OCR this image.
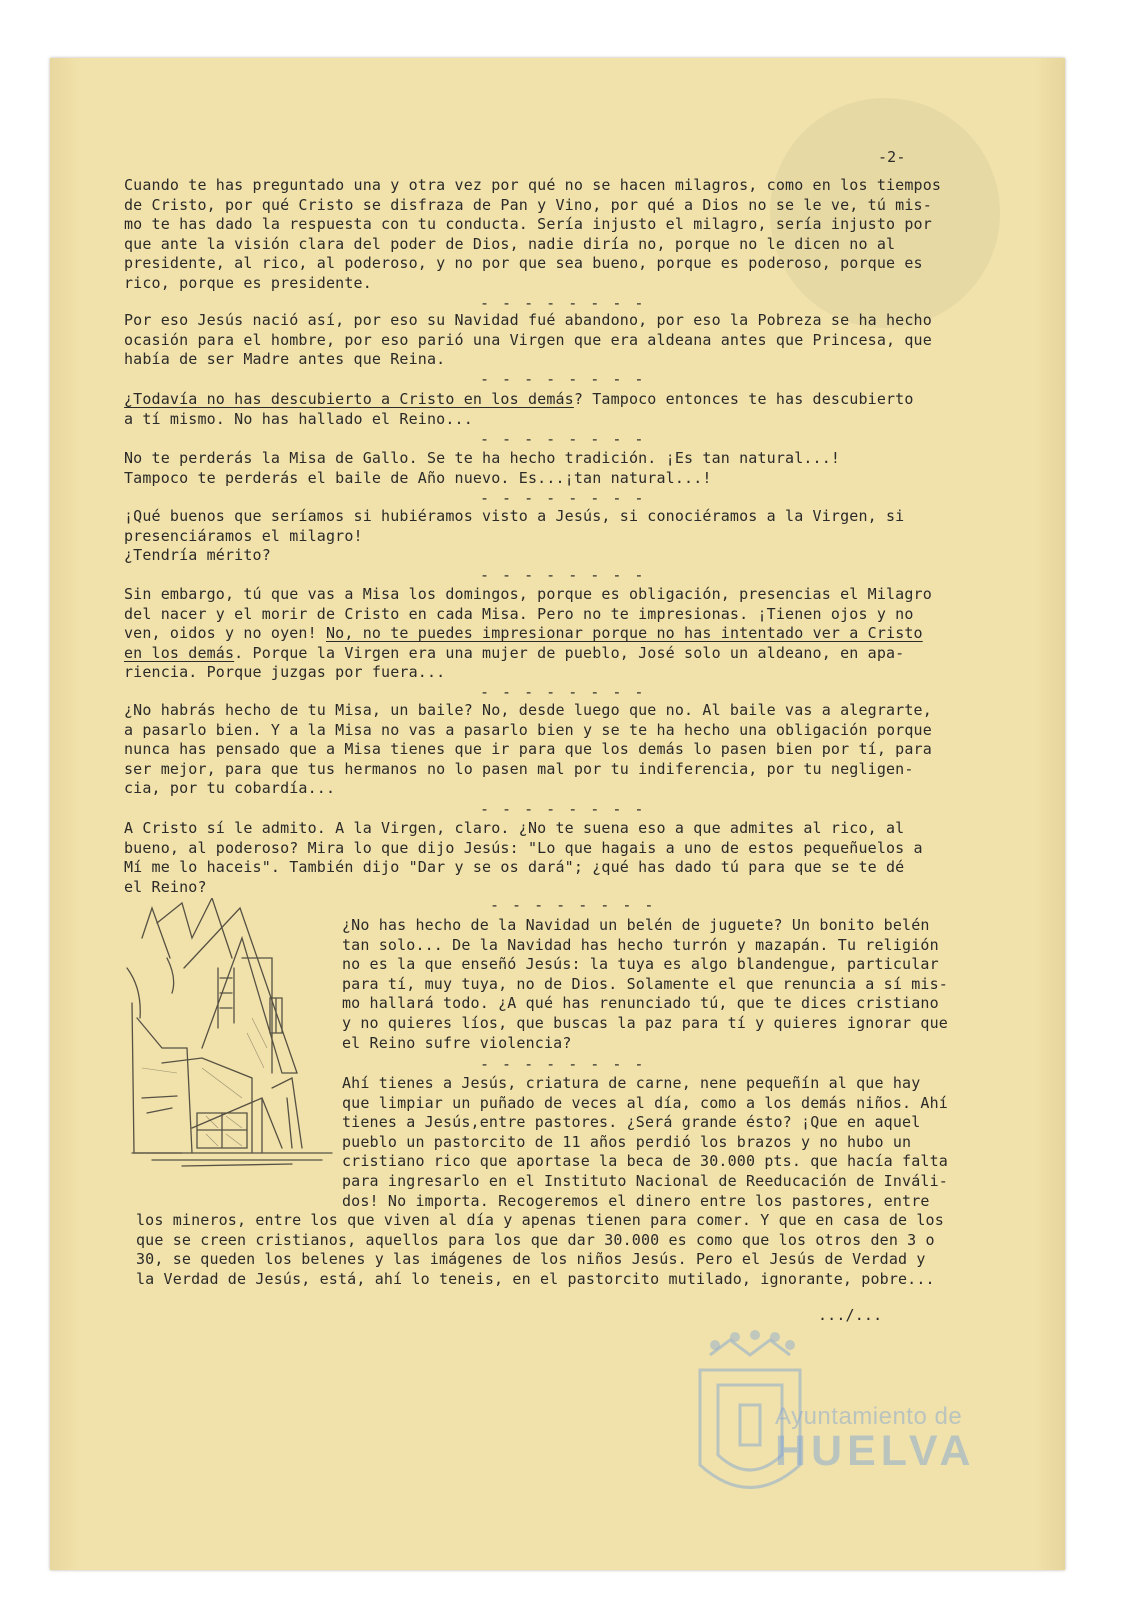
-2-
Cuando te has preguntado una y otra vez por qué no se hacen milagros, como en los tiempos
de Cristo, por qué Cristo se disfraza de Pan y Vino, por qué a Dios no se le ve, tú mis-
mo te has dado la respuesta con tu conducta. Sería injusto el milagro, sería injusto por
que ante la visión clara del poder de Dios, nadie diría no, porque no le dicen no al
presidente, al rico, al poderoso, y no por que sea bueno, porque es poderoso, porque es
rico, porque es presidente.
- - - - - - - -
Por eso Jesús nació así, por eso su Navidad fué abandono, por eso la Pobreza se ha hecho
ocasión para el hombre, por eso parió una Virgen que era aldeana antes que Princesa, que
había de ser Madre antes que Reina.
- - - - - - - -
¿Todavía no has descubierto a Cristo en los demás? Tampoco entonces te has descubierto
a tí mismo. No has hallado el Reino...
- - - - - - - -
No te perderás la Misa de Gallo. Se te ha hecho tradición. ¡Es tan natural...!
Tampoco te perderás el baile de Año nuevo. Es...¡tan natural...!
- - - - - - - -
¡Qué buenos que seríamos si hubiéramos visto a Jesús, si conociéramos a la Virgen, si
presenciáramos el milagro!
¿Tendría mérito?
- - - - - - - -
Sin embargo, tú que vas a Misa los domingos, porque es obligación, presencias el Milagro
del nacer y el morir de Cristo en cada Misa. Pero no te impresionas. ¡Tienen ojos y no
ven, oidos y no oyen! No, no te puedes impresionar porque no has intentado ver a Cristo
en los demás. Porque la Virgen era una mujer de pueblo, José solo un aldeano, en apa-
riencia. Porque juzgas por fuera...
- - - - - - - -
¿No habrás hecho de tu Misa, un baile? No, desde luego que no. Al baile vas a alegrarte,
a pasarlo bien. Y a la Misa no vas a pasarlo bien y se te ha hecho una obligación porque
nunca has pensado que a Misa tienes que ir para que los demás lo pasen bien por tí, para
ser mejor, para que tus hermanos no lo pasen mal por tu indiferencia, por tu negligen-
cia, por tu cobardía...
- - - - - - - -
A Cristo sí le admito. A la Virgen, claro. ¿No te suena eso a que admites al rico, al
bueno, al poderoso? Mira lo que dijo Jesús: "Lo que hagais a uno de estos pequeñuelos a
Mí me lo haceis". También dijo "Dar y se os dará"; ¿qué has dado tú para que se te dé
el Reino?
- - - - - - - -
¿No has hecho de la Navidad un belén de juguete? Un bonito belén
tan solo... De la Navidad has hecho turrón y mazapán. Tu religión
no es la que enseñó Jesús: la tuya es algo blandengue, particular
para tí, muy tuya, no de Dios. Solamente el que renuncia a sí mis-
mo hallará todo. ¿A qué has renunciado tú, que te dices cristiano
y no quieres líos, que buscas la paz para tí y quieres ignorar que
el Reino sufre violencia?
- - - - - - - -
Ahí tienes a Jesús, criatura de carne, nene pequeñín al que hay
que limpiar un puñado de veces al día, como a los demás niños. Ahí
tienes a Jesús,entre pastores. ¿Será grande ésto? ¡Que en aquel
pueblo un pastorcito de 11 años perdió los brazos y no hubo un
cristiano rico que aportase la beca de 30.000 pts. que hacía falta
para ingresarlo en el Instituto Nacional de Reeducación de Inváli-
dos! No importa. Recogeremos el dinero entre los pastores, entre
los mineros, entre los que viven al día y apenas tienen para comer. Y que en casa de los
que se creen cristianos, aquellos para los que dar 30.000 es como que los otros den 3 o
30, se queden los belenes y las imágenes de los niños Jesús. Pero el Jesús de Verdad y
la Verdad de Jesús, está, ahí lo teneis, en el pastorcito mutilado, ignorante, pobre...
.../...
Ayuntamiento de
HUELVA
